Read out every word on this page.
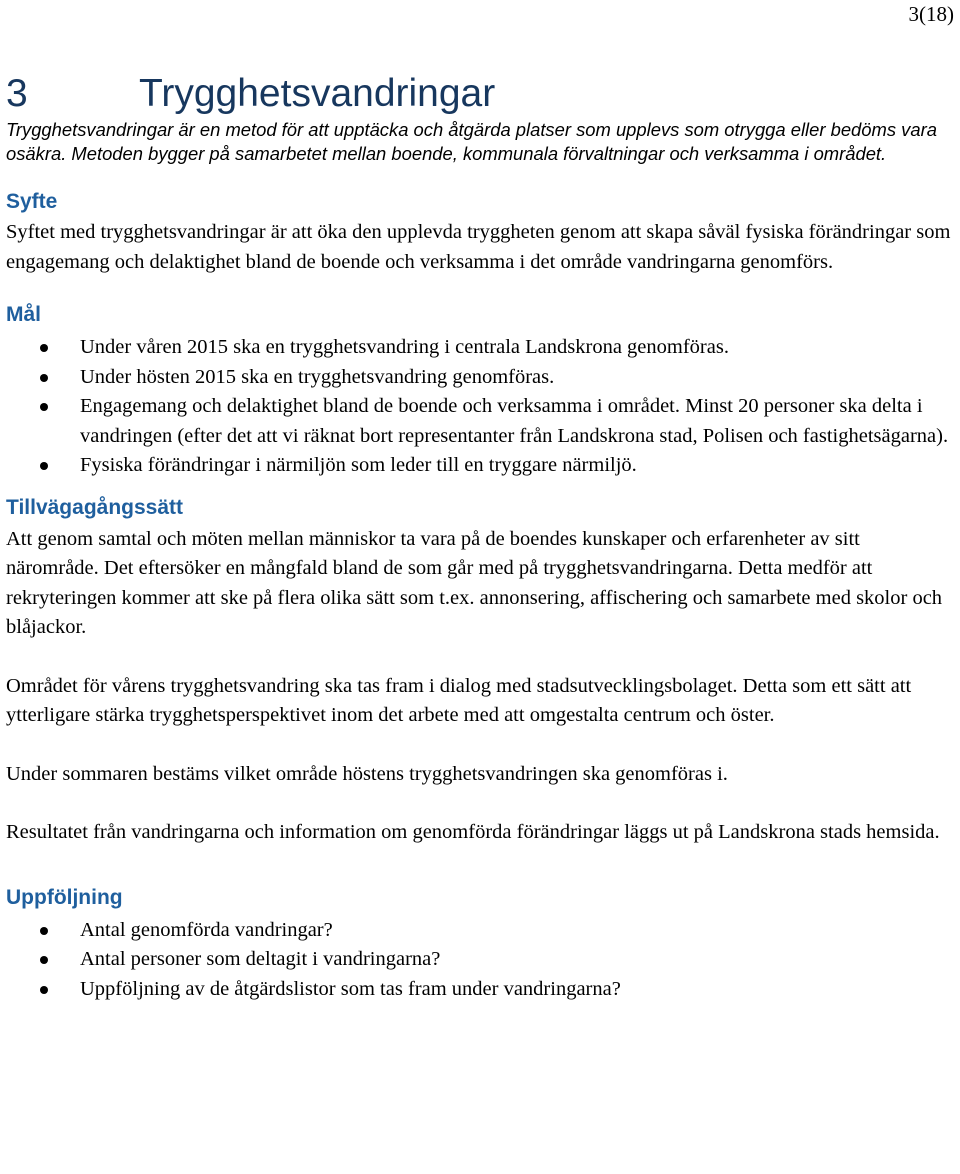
3(18)
3	Trygghetsvandringar

Trygghetsvandringar är en metod för att upptäcka och åtgärda platser som upplevs som otrygga eller bedöms vara osäkra. Metoden bygger på samarbetet mellan boende, kommunala förvaltningar och verksamma i området.

Syfte

Syftet med trygghetsvandringar är att öka den upplevda tryggheten genom att skapa såväl fysiska förändringar som engagemang och delaktighet bland de boende och verksamma i det område vandringarna genomförs.

Mål
Under våren 2015 ska en trygghetsvandring i centrala Landskrona genomföras.
Under hösten 2015 ska en trygghetsvandring genomföras.
Engagemang och delaktighet bland de boende och verksamma i området. Minst 20 personer ska delta i vandringen (efter det att vi räknat bort representanter från Landskrona stad, Polisen och fastighetsägarna).
Fysiska förändringar i närmiljön som leder till en tryggare närmiljö.
Tillvägagångssätt

Att genom samtal och möten mellan människor ta vara på de boendes kunskaper och erfarenheter av sitt närområde. Det eftersöker en mångfald bland de som går med på trygghetsvandringarna. Detta medför att rekryteringen kommer att ske på flera olika sätt som t.ex. annonsering, affischering och samarbete med skolor och blåjackor.

Området för vårens trygghetsvandring ska tas fram i dialog med stadsutvecklingsbolaget. Detta som ett sätt att ytterligare stärka trygghetsperspektivet inom det arbete med att omgestalta centrum och öster.

Under sommaren bestäms vilket område höstens trygghetsvandringen ska genomföras i.

Resultatet från vandringarna och information om genomförda förändringar läggs ut på Landskrona stads hemsida.

Uppföljning
Antal genomförda vandringar?
Antal personer som deltagit i vandringarna?
Uppföljning av de åtgärdslistor som tas fram under vandringarna?
